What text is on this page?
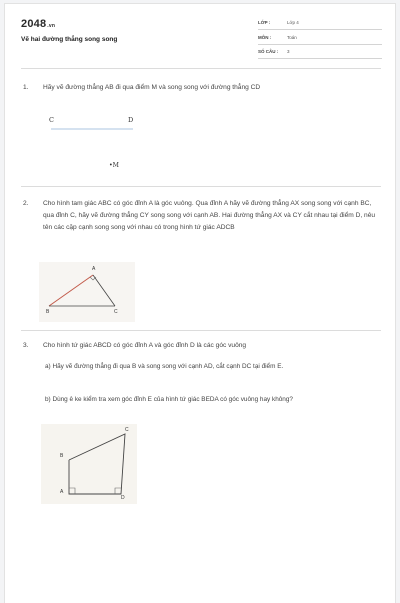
2048.vn
Vẽ hai đường thẳng song song
LỚP :	Lớp 4
MÔN :	Toán
SỐ CÂU : 3
1. Hãy vẽ đường thẳng AB đi qua điểm M và song song với đường thẳng CD
C	D
•M
2. Cho hình tam giác ABC có góc đỉnh A là góc vuông. Qua đỉnh A hãy vẽ đường thẳng AX song song với cạnh BC, qua đỉnh C, hãy vẽ đường thẳng CY song song với cạnh AB. Hai đường thẳng AX và CY cắt nhau tại điểm D, nêu tên các cặp cạnh song song với nhau có trong hình tứ giác ADCB
A
B	C
3. Cho hình tứ giác ABCD có góc đỉnh A và góc đỉnh D là các góc vuông
a) Hãy vẽ đường thẳng đi qua B và song song với cạnh AD, cắt cạnh DC tại điểm E.
b) Dùng ê ke kiểm tra xem góc đỉnh E của hình tứ giác BEDA có góc vuông hay không?
B
A
C
D
